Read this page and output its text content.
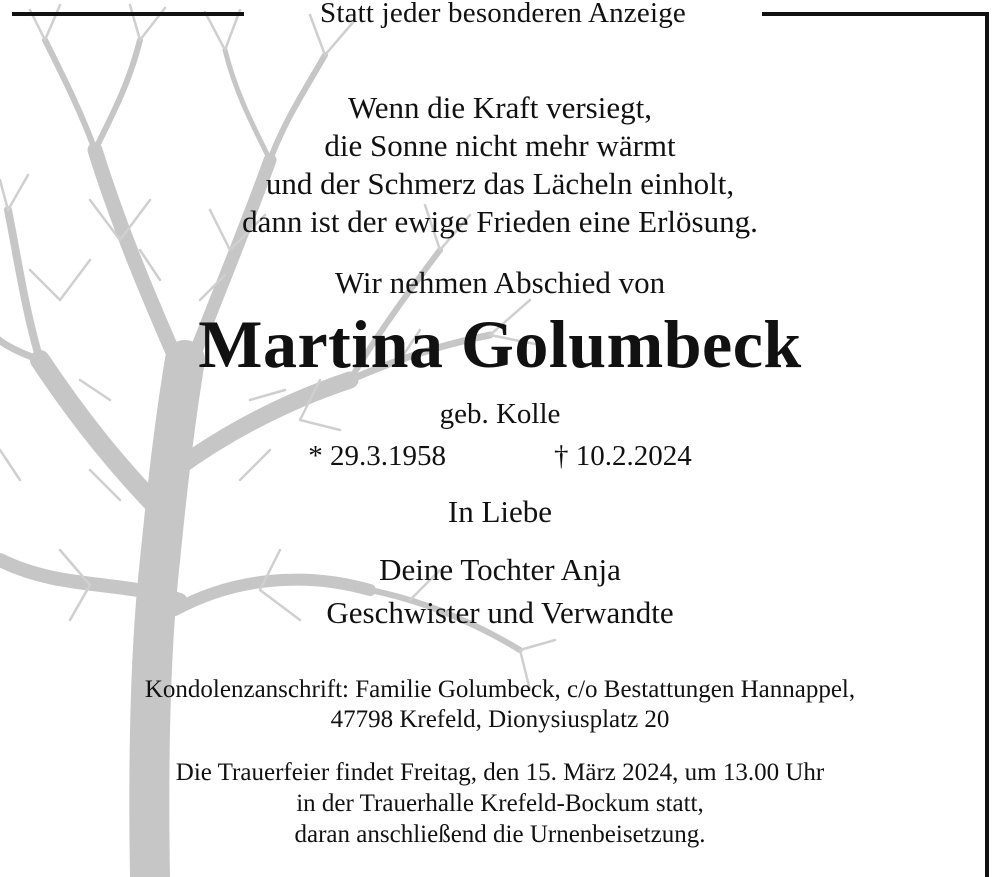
Statt jeder besonderen Anzeige
Wenn die Kraft versiegt,
die Sonne nicht mehr wärmt
und der Schmerz das Lächeln einholt,
dann ist der ewige Frieden eine Erlösung.
Wir nehmen Abschied von
Martina Golumbeck
geb. Kolle
* 29.3.1958	† 10.2.2024
In Liebe
Deine Tochter Anja
Geschwister und Verwandte
Kondolenzanschrift: Familie Golumbeck, c/o Bestattungen Hannappel,
47798 Krefeld, Dionysiusplatz 20
Die Trauerfeier findet Freitag, den 15. März 2024, um 13.00 Uhr
in der Trauerhalle Krefeld-Bockum statt,
daran anschließend die Urnenbeisetzung.
